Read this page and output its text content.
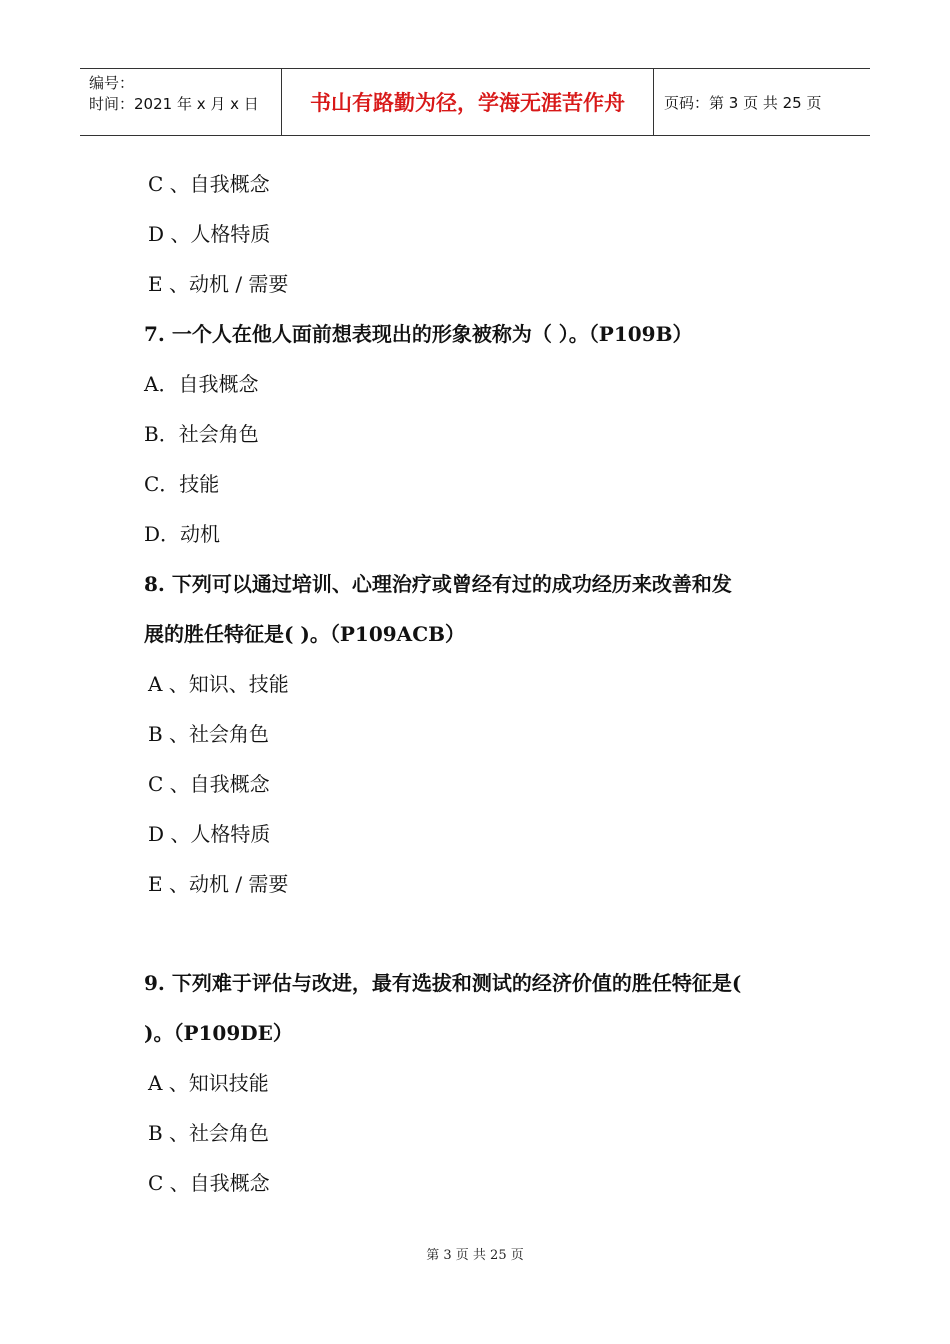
编号：
时间：2021 年 x 月 x 日	书山有路勤为径，学海无涯苦作舟	页码：第 3 页 共 25 页
C 、自我概念
D 、人格特质
E 、动机 / 需要
7. 一个人在他人面前想表现出的形象被称为（ ）。（P109B）
A．自我概念
B．社会角色
C．技能
D．动机
8. 下列可以通过培训、心理治疗或曾经有过的成功经历来改善和发
展的胜任特征是( )。（P109ACB）
A 、知识、技能
B 、社会角色
C 、自我概念
D 、人格特质
E 、动机 / 需要
9. 下列难于评估与改进，最有选拔和测试的经济价值的胜任特征是(
)。（P109DE）
A 、知识技能
B 、社会角色
C 、自我概念
第 3 页 共 25 页
